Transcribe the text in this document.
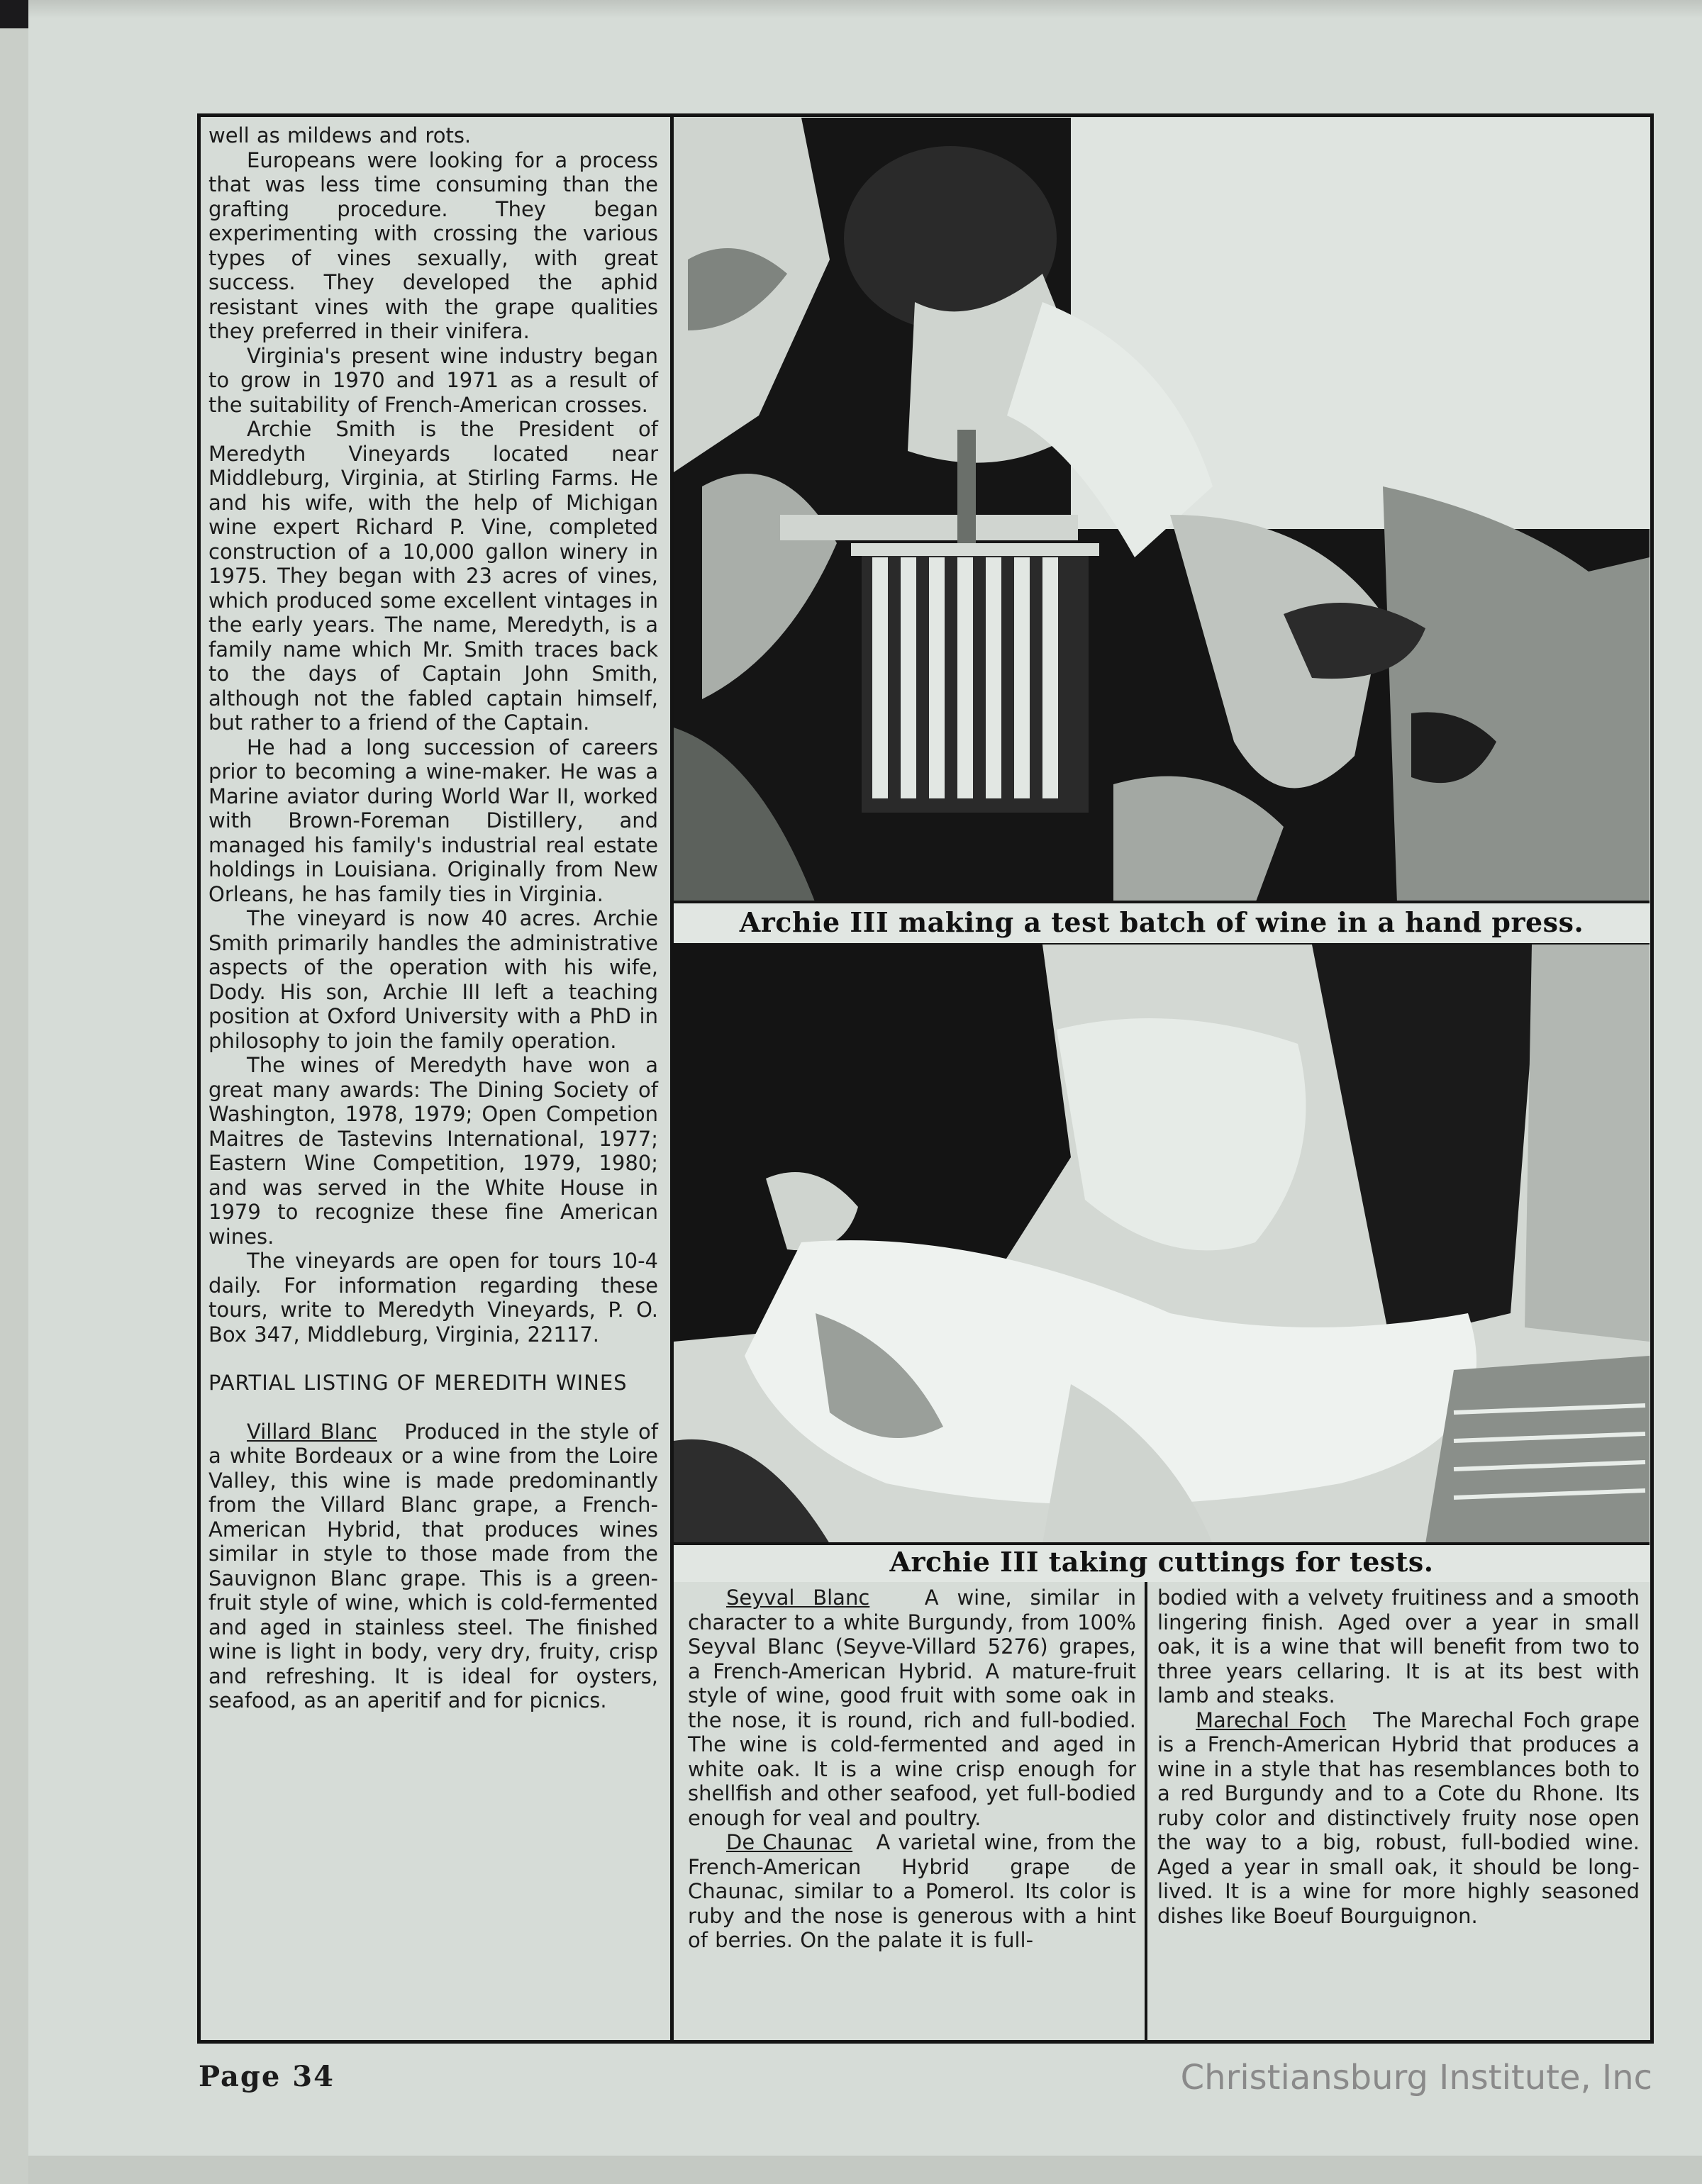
well as mildews and rots.

Europeans were looking for a process that was less time consuming than the grafting procedure. They began experimenting with crossing the various types of vines sexually, with great success. They developed the aphid resistant vines with the grape qualities they preferred in their vinifera.

Virginia's present wine industry began to grow in 1970 and 1971 as a result of the suitability of French-American crosses.

Archie Smith is the President of Meredyth Vineyards located near Middleburg, Virginia, at Stirling Farms. He and his wife, with the help of Michigan wine expert Richard P. Vine, completed construction of a 10,000 gallon winery in 1975. They began with 23 acres of vines, which produced some excellent vintages in the early years. The name, Meredyth, is a family name which Mr. Smith traces back to the days of Captain John Smith, although not the fabled captain himself, but rather to a friend of the Captain.

He had a long succession of careers prior to becoming a wine-maker. He was a Marine aviator during World War II, worked with Brown-Foreman Distillery, and managed his family's industrial real estate holdings in Louisiana. Originally from New Orleans, he has family ties in Virginia.

The vineyard is now 40 acres. Archie Smith primarily handles the administrative aspects of the operation with his wife, Dody. His son, Archie III left a teaching position at Oxford University with a PhD in philosophy to join the family operation.

The wines of Meredyth have won a great many awards: The Dining Society of Washington, 1978, 1979; Open Competion Maitres de Tastevins International, 1977; Eastern Wine Competition, 1979, 1980; and was served in the White House in 1979 to recognize these fine American wines.

The vineyards are open for tours 10-4 daily. For information regarding these tours, write to Meredyth Vineyards, P. O. Box 347, Middleburg, Virginia, 22117.

PARTIAL LISTING OF MEREDITH WINES

Villard Blanc Produced in the style of a white Bordeaux or a wine from the Loire Valley, this wine is made predominantly from the Villard Blanc grape, a French-American Hybrid, that produces wines similar in style to those made from the Sauvignon Blanc grape. This is a green-fruit style of wine, which is cold-fermented and aged in stainless steel. The finished wine is light in body, very dry, fruity, crisp and refreshing. It is ideal for oysters, seafood, as an aperitif and for picnics.

Archie III making a test batch of wine in a hand press.
Archie III taking cuttings for tests.

Seyval Blanc	A wine, similar in character to a white Burgundy, from 100% Seyval Blanc (Seyve-Villard 5276) grapes, a French-American Hybrid. A mature-fruit style of wine, good fruit with some oak in the nose, it is round, rich and full-bodied. The wine is cold-fermented and aged in white oak. It is a wine crisp enough for shellfish and other seafood, yet full-bodied enough for veal and poultry.

De Chaunac A varietal wine, from the French-American Hybrid grape de Chaunac, similar to a Pomerol. Its color is ruby and the nose is generous with a hint of berries. On the palate it is full-

bodied with a velvety fruitiness and a smooth lingering finish. Aged over a year in small oak, it is a wine that will benefit from two to three years cellaring. It is at its best with lamb and steaks.

Marechal Foch The Marechal Foch grape is a French-American Hybrid that produces a wine in a style that has resemblances both to a red Burgundy and to a Cote du Rhone. Its ruby color and distinctively fruity nose open the way to a big, robust, full-bodied wine. Aged a year in small oak, it should be long-lived. It is a wine for more highly seasoned dishes like Boeuf Bourguignon.

Page 34	Christiansburg Institute, Inc
